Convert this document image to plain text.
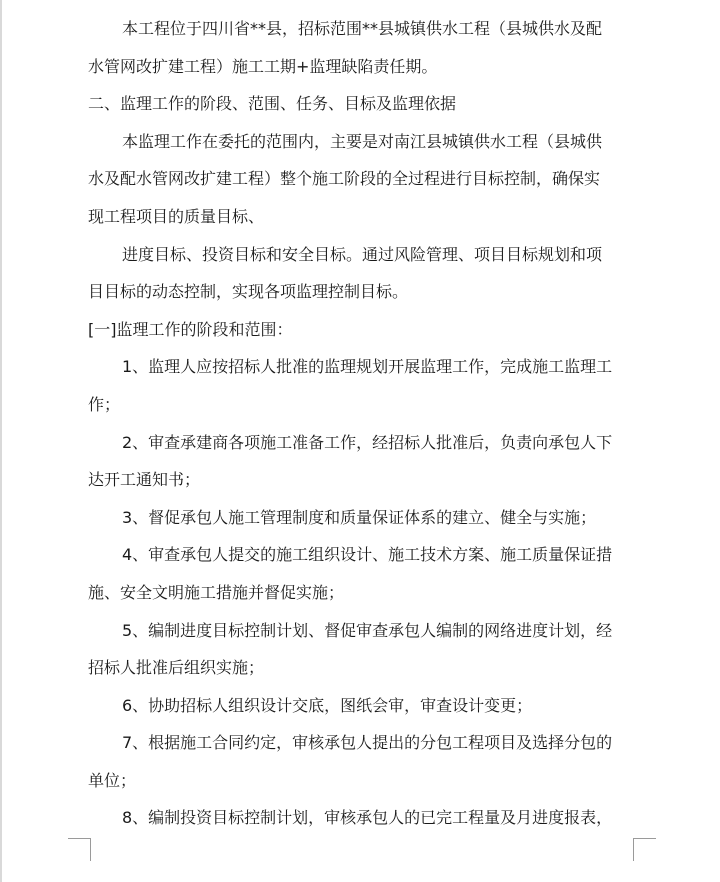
本工程位于四川省**县，招标范围**县城镇供水工程（县城供水及配

水管网改扩建工程）施工工期+监理缺陷责任期。

二、监理工作的阶段、范围、任务、目标及监理依据

本监理工作在委托的范围内，主要是对南江县城镇供水工程（县城供

水及配水管网改扩建工程）整个施工阶段的全过程进行目标控制，确保实

现工程项目的质量目标、

进度目标、投资目标和安全目标。通过风险管理、项目目标规划和项

目目标的动态控制，实现各项监理控制目标。

[一]监理工作的阶段和范围：

1、监理人应按招标人批准的监理规划开展监理工作，完成施工监理工

作；

2、审查承建商各项施工准备工作，经招标人批准后，负责向承包人下

达开工通知书；

3、督促承包人施工管理制度和质量保证体系的建立、健全与实施；

4、审查承包人提交的施工组织设计、施工技术方案、施工质量保证措

施、安全文明施工措施并督促实施；

5、编制进度目标控制计划、督促审查承包人编制的网络进度计划，经

招标人批准后组织实施；

6、协助招标人组织设计交底，图纸会审，审查设计变更；

7、根据施工合同约定，审核承包人提出的分包工程项目及选择分包的

单位；

8、编制投资目标控制计划，审核承包人的已完工程量及月进度报表，
